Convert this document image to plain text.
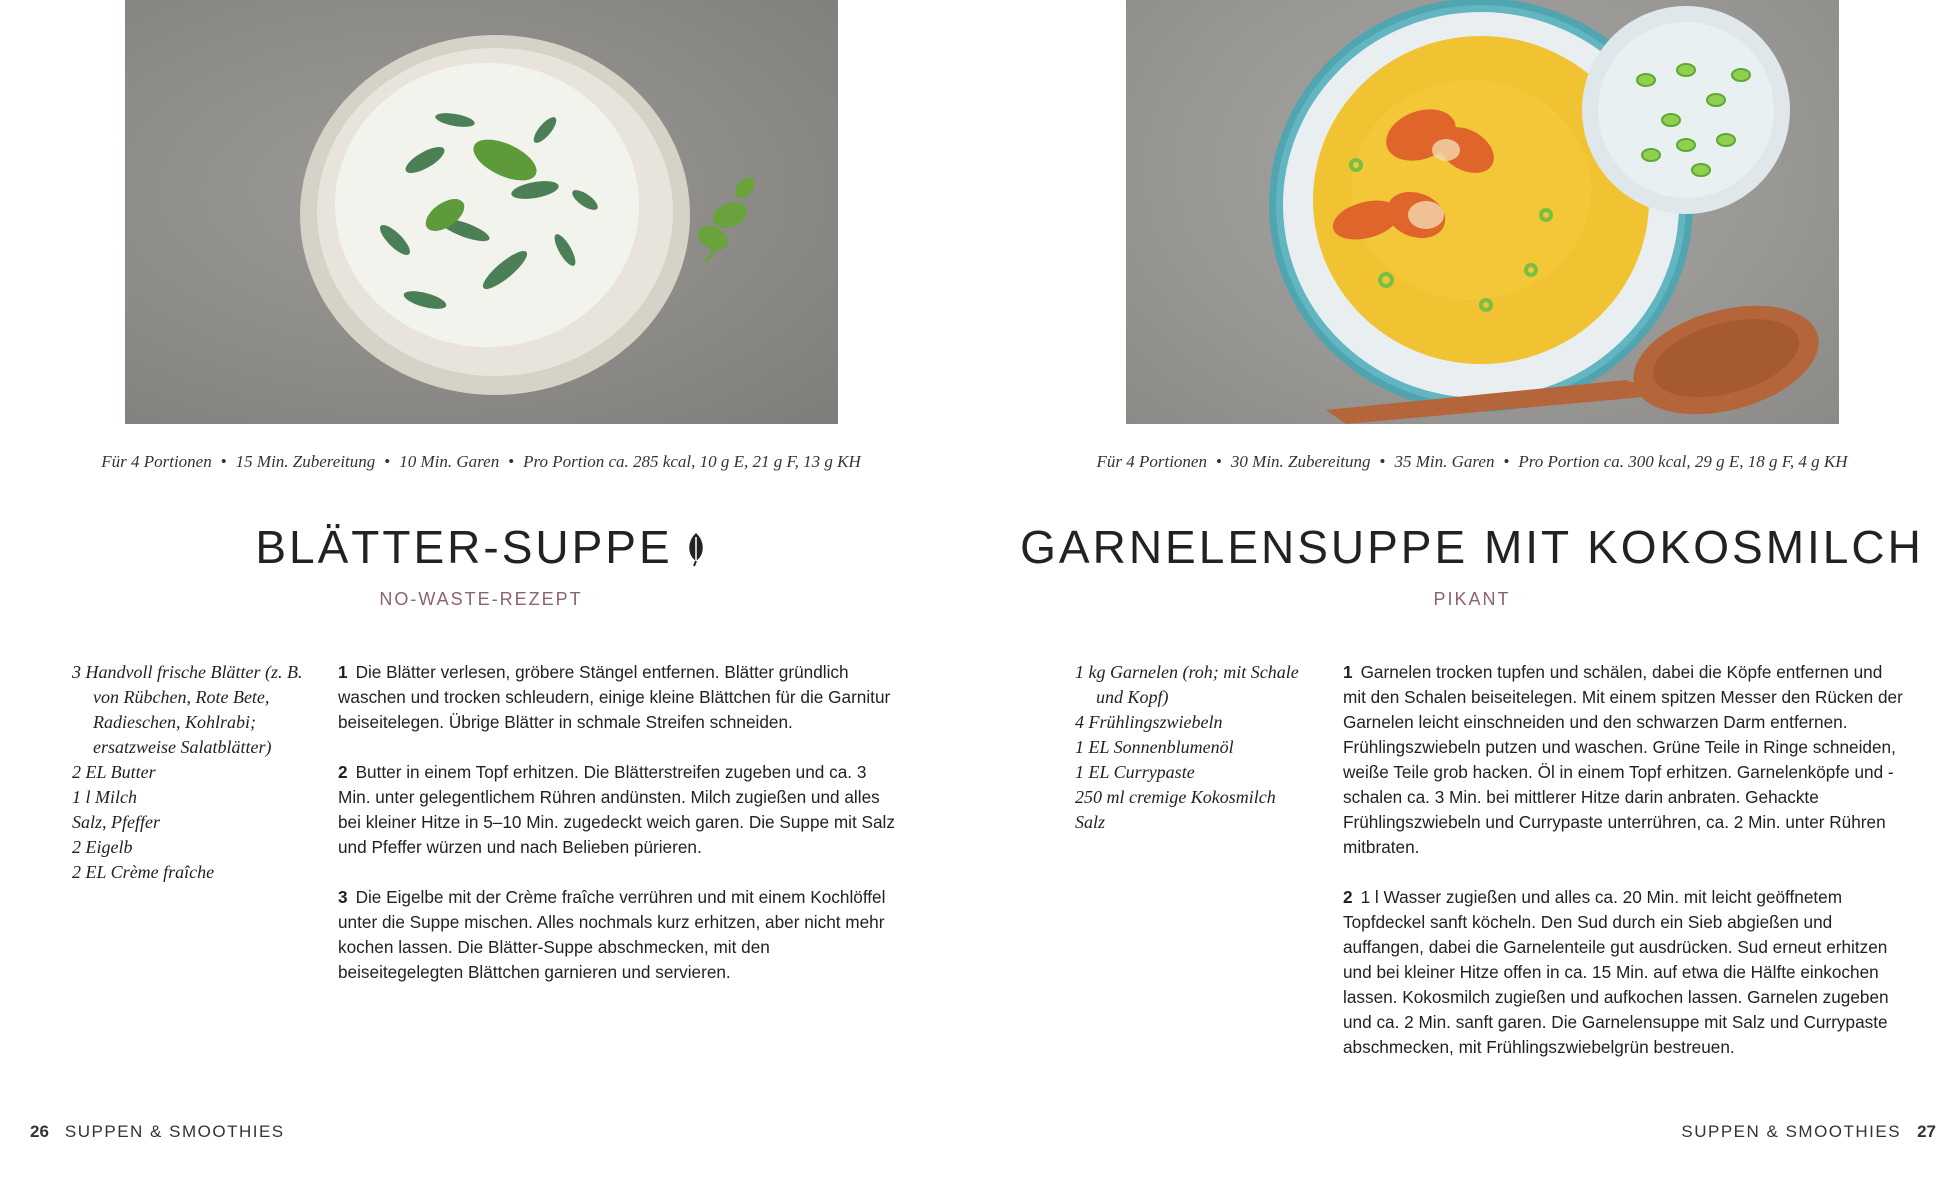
Für 4 Portionen • 15 Min. Zubereitung • 10 Min. Garen • Pro Portion ca. 285 kcal, 10 g E, 21 g F, 13 g KH
BLÄTTER-SUPPE
NO-WASTE-REZEPT
3 Handvoll frische Blätter (z. B. von Rübchen, Rote Bete, Radieschen, Kohlrabi; ersatzweise Salatblätter)
2 EL Butter
1 l Milch
Salz, Pfeffer
2 Eigelb
2 EL Crème fraîche

1 Die Blätter verlesen, gröbere Stängel entfernen. Blätter gründlich waschen und trocken schleudern, einige kleine Blättchen für die Garnitur beiseitelegen. Übrige Blätter in schmale Streifen schneiden.

2 Butter in einem Topf erhitzen. Die Blätterstreifen zugeben und ca. 3 Min. unter gelegentlichem Rühren andünsten. Milch zugießen und alles bei kleiner Hitze in 5–10 Min. zugedeckt weich garen. Die Suppe mit Salz und Pfeffer würzen und nach Belieben pürieren.

3 Die Eigelbe mit der Crème fraîche verrühren und mit einem Kochlöffel unter die Suppe mischen. Alles nochmals kurz erhitzen, aber nicht mehr kochen lassen. Die Blätter-Suppe abschmecken, mit den beiseitegelegten Blättchen garnieren und servieren.

26 SUPPEN & SMOOTHIES
Für 4 Portionen • 30 Min. Zubereitung • 35 Min. Garen • Pro Portion ca. 300 kcal, 29 g E, 18 g F, 4 g KH
GARNELENSUPPE MIT KOKOSMILCH
PIKANT
1 kg Garnelen (roh; mit Schale und Kopf)
4 Frühlingszwiebeln
1 EL Sonnenblumenöl
1 EL Currypaste
250 ml cremige Kokosmilch
Salz

1 Garnelen trocken tupfen und schälen, dabei die Köpfe entfernen und mit den Schalen beiseitelegen. Mit einem spitzen Messer den Rücken der Garnelen leicht einschneiden und den schwarzen Darm entfernen. Frühlingszwiebeln putzen und waschen. Grüne Teile in Ringe schneiden, weiße Teile grob hacken. Öl in einem Topf erhitzen. Garnelenköpfe und -schalen ca. 3 Min. bei mittlerer Hitze darin anbraten. Gehackte Frühlingszwiebeln und Currypaste unterrühren, ca. 2 Min. unter Rühren mitbraten.

2 1 l Wasser zugießen und alles ca. 20 Min. mit leicht geöffnetem Topfdeckel sanft köcheln. Den Sud durch ein Sieb abgießen und auffangen, dabei die Garnelenteile gut ausdrücken. Sud erneut erhitzen und bei kleiner Hitze offen in ca. 15 Min. auf etwa die Hälfte einkochen lassen. Kokosmilch zugießen und aufkochen lassen. Garnelen zugeben und ca. 2 Min. sanft garen. Die Garnelensuppe mit Salz und Currypaste abschmecken, mit Frühlingszwiebelgrün bestreuen.

SUPPEN & SMOOTHIES 27
